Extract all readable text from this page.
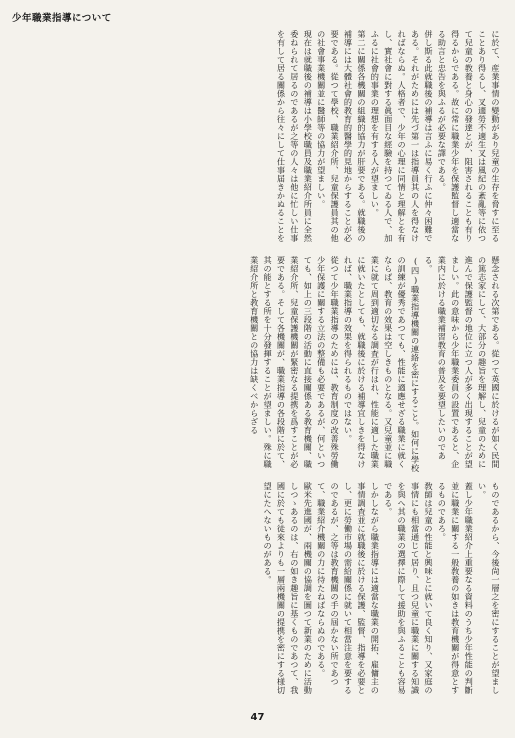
少年職業指導について

に於て、産業事情の變動があり兒童の生存を脅すに至ることあり得るし、叉適勞不適生叉は風紀の紊亂等に依つて兒童の教養と身心の發達とが、阻害されることも有り得るからである。故に常に職業少年を保護監督し適當なる助言と忠告を與ふるが必要な譯である。

併し斯る此就職後の補導は言ふに易く行ふに仲々困難である。それがためには先づ第一は指導員其の人を得なければならぬ。人格者で、少年の心理に同情と理解とを有し、實社會に對する眞面目な經驗を持つてゐる人で、加ふるに社會的事業の理想を有する人が望ましい。

第二に關係各機關の組織的協力が肝要である。就職後の補導には大體社會的教育的醫學的見地からすることが必要である。從つて學校、職業紹介所、兒童保護員其の他の社會事業機關並に醫師等の協力が望ましい。

現在は就職後の補導は小學校職員及職業紹介所員に全然委ねられて居るのであるが之等の人々は他に忙しい仕事を有して居る關係から往々にして仕事届きかぬることを

懸念される次第である。從つて英國に於けるが如く民間の篤志家にして、大部分の趣旨を理解し、兒童のために進んで保護監督の地位に立つ人が多く出現することが望ましい。此の意味から少年職業委員の設置であると、企業内に於ける職業補習教育の普及を要望したいのである。

(四)職業指導機關の連絡を密にすること。如何に學校の訓練が優秀であつても、性能に適應せざる職業に就くならば、教育の效果は空しきものとなる。又兒童並に職業に就て周到適切なる調査が行はれ、性能に適した職業に就いたとしても、就職後に於ける補導宜しきを得なければ、職業指導の效果を得られるものではない。

從つて少年職業指導のためには、教育制度の改善殊勞働少年保護に關する立法の整備も必要であるが、何といつても、如上の三段階の活動に直接關係ある教育機關、職業紹介所、兒童保護機關が緊密なる提携を爲すことが必要である。そして各機關が、職業指導の各段階に於て、其の能とする所を十分發揮することが望ましい。殊に職業紹介所と教育機關との協力は缺くべからざる

ものであるから、今後尙一層之を密にすることが望ましい。

蓋し少年職業紹介上重要なる資料のうち少年性能の判斷並に職業に關する一般敎養の如きは教育機關が得意とするものであろ。

敎師は兒童の性能と興味とに就いて良く知り、又家庭の事情にも相當通じて居り、且つ兒童に職業に關する知識を與へ其の職業の選擇に際して援助を與ふることも容易である。

しかしながら職業指導には適當な職業の開拓、雇傭主の事情調査並に就職後に於ける保護、監督、指導を必要とし、更に勞働市場の需給關係に就いて相當注意を要するのであるが、之等は教育機關の手の屆かない所であつて、職業紹介機關の力に待たねばならぬのである。

歐米先進國が、兩機關の協調を圖つて新業のために活動しつゝあるのは、右の如き趣旨に基くものであつて、我國に於ても徒來よりも一層兩機關の提携を密にする様切望にたへないものがある。

47
